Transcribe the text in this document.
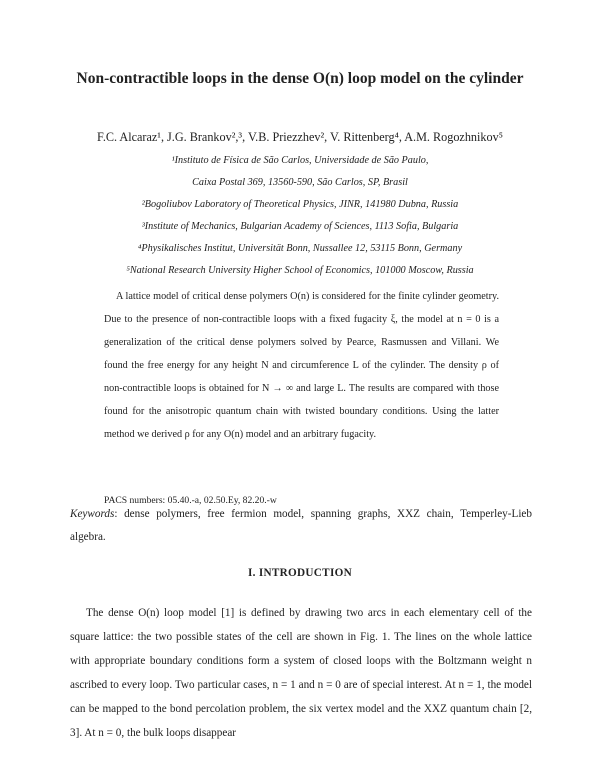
Non-contractible loops in the dense O(n) loop model on the cylinder
F.C. Alcaraz¹, J.G. Brankov²,³, V.B. Priezzhev², V. Rittenberg⁴, A.M. Rogozhnikov⁵
¹Instituto de Física de São Carlos, Universidade de São Paulo,
Caixa Postal 369, 13560-590, São Carlos, SP, Brasil
²Bogoliubov Laboratory of Theoretical Physics, JINR, 141980 Dubna, Russia
³Institute of Mechanics, Bulgarian Academy of Sciences, 1113 Sofia, Bulgaria
⁴Physikalisches Institut, Universität Bonn, Nussallee 12, 53115 Bonn, Germany
⁵National Research University Higher School of Economics, 101000 Moscow, Russia

A lattice model of critical dense polymers O(n) is considered for the finite cylinder geometry. Due to the presence of non-contractible loops with a fixed fugacity ξ, the model at n = 0 is a generalization of the critical dense polymers solved by Pearce, Rasmussen and Villani. We found the free energy for any height N and circumference L of the cylinder. The density ρ of non-contractible loops is obtained for N → ∞ and large L. The results are compared with those found for the anisotropic quantum chain with twisted boundary conditions. Using the latter method we derived ρ for any O(n) model and an arbitrary fugacity.

PACS numbers: 05.40.-a, 02.50.Ey, 82.20.-w
Keywords: dense polymers, free fermion model, spanning graphs, XXZ chain, Temperley-Lieb algebra.
I. INTRODUCTION

The dense O(n) loop model [1] is defined by drawing two arcs in each elementary cell of the square lattice: the two possible states of the cell are shown in Fig. 1. The lines on the whole lattice with appropriate boundary conditions form a system of closed loops with the Boltzmann weight n ascribed to every loop. Two particular cases, n = 1 and n = 0 are of special interest. At n = 1, the model can be mapped to the bond percolation problem, the six vertex model and the XXZ quantum chain [2, 3]. At n = 0, the bulk loops disappear
